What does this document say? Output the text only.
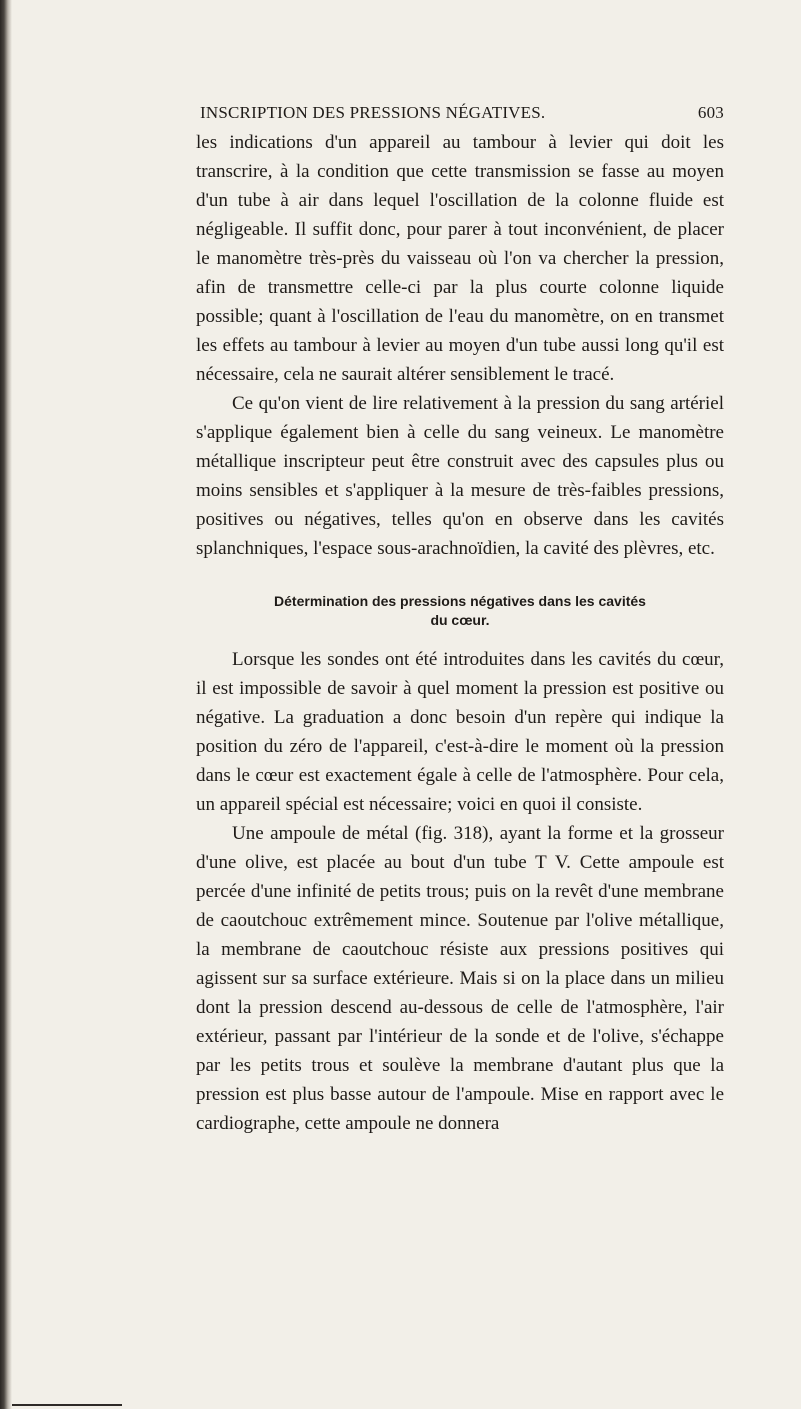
INSCRIPTION DES PRESSIONS NÉGATIVES.	603

les indications d'un appareil au tambour à levier qui doit les transcrire, à la condition que cette transmission se fasse au moyen d'un tube à air dans lequel l'oscillation de la colonne fluide est négligeable. Il suffit donc, pour parer à tout inconvénient, de placer le manomètre très-près du vaisseau où l'on va chercher la pression, afin de transmettre celle-ci par la plus courte colonne liquide possible; quant à l'oscillation de l'eau du manomètre, on en transmet les effets au tambour à levier au moyen d'un tube aussi long qu'il est nécessaire, cela ne saurait altérer sensiblement le tracé.

Ce qu'on vient de lire relativement à la pression du sang artériel s'applique également bien à celle du sang veineux. Le manomètre métallique inscripteur peut être construit avec des capsules plus ou moins sensibles et s'appliquer à la mesure de très-faibles pressions, positives ou négatives, telles qu'on en observe dans les cavités splanchniques, l'espace sous-arachnoïdien, la cavité des plèvres, etc.

Détermination des pressions négatives dans les cavités
du cœur.

Lorsque les sondes ont été introduites dans les cavités du cœur, il est impossible de savoir à quel moment la pression est positive ou négative. La graduation a donc besoin d'un repère qui indique la position du zéro de l'appareil, c'est-à-dire le moment où la pression dans le cœur est exactement égale à celle de l'atmosphère. Pour cela, un appareil spécial est nécessaire; voici en quoi il consiste.

Une ampoule de métal (fig. 318), ayant la forme et la grosseur d'une olive, est placée au bout d'un tube T V. Cette ampoule est percée d'une infinité de petits trous; puis on la revêt d'une membrane de caoutchouc extrêmement mince. Soutenue par l'olive métallique, la membrane de caoutchouc résiste aux pressions positives qui agissent sur sa surface extérieure. Mais si on la place dans un milieu dont la pression descend au-dessous de celle de l'atmosphère, l'air extérieur, passant par l'intérieur de la sonde et de l'olive, s'échappe par les petits trous et soulève la membrane d'autant plus que la pression est plus basse autour de l'ampoule. Mise en rapport avec le cardiographe, cette ampoule ne donnera
